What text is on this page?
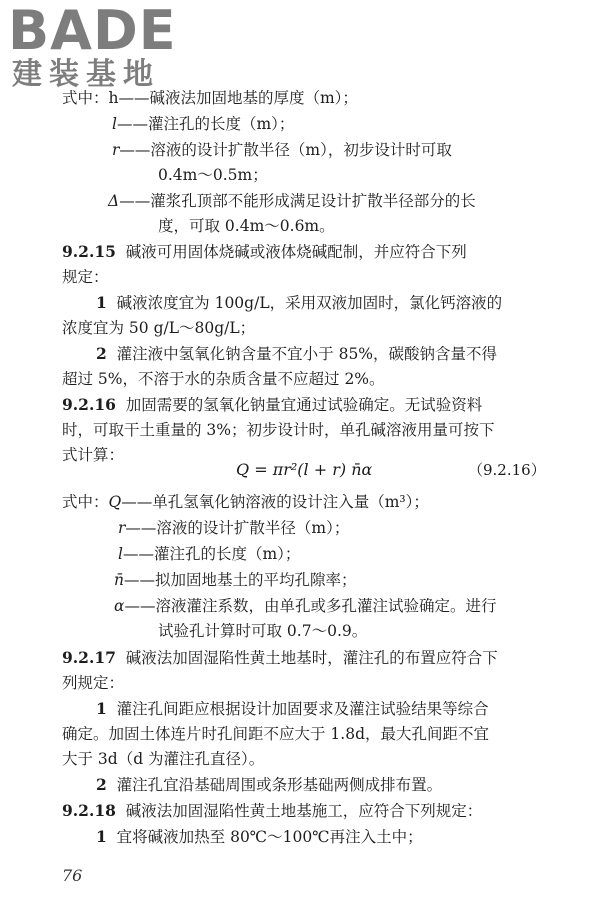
BADE
建装基地
式中：h——碱液法加固地基的厚度（m）；
l——灌注孔的长度（m）；
r——溶液的设计扩散半径（m），初步设计时可取
0.4m～0.5m；
Δ——灌浆孔顶部不能形成满足设计扩散半径部分的长
度，可取 0.4m～0.6m。
9.2.15 碱液可用固体烧碱或液体烧碱配制，并应符合下列
规定：
1 碱液浓度宜为 100g/L，采用双液加固时，氯化钙溶液的
浓度宜为 50 g/L～80g/L；
2 灌注液中氢氧化钠含量不宜小于 85%，碳酸钠含量不得
超过 5%，不溶于水的杂质含量不应超过 2%。
9.2.16 加固需要的氢氧化钠量宜通过试验确定。无试验资料
时，可取干土重量的 3%；初步设计时，单孔碱溶液用量可按下
式计算：
Q = πr²(l + r) n̄α	（9.2.16）
式中：Q——单孔氢氧化钠溶液的设计注入量（m³）；
r——溶液的设计扩散半径（m）；
l——灌注孔的长度（m）；
n̄——拟加固地基土的平均孔隙率；
α——溶液灌注系数，由单孔或多孔灌注试验确定。进行
试验孔计算时可取 0.7～0.9。
9.2.17 碱液法加固湿陷性黄土地基时，灌注孔的布置应符合下
列规定：
1 灌注孔间距应根据设计加固要求及灌注试验结果等综合
确定。加固土体连片时孔间距不应大于 1.8d，最大孔间距不宜
大于 3d（d 为灌注孔直径）。
2 灌注孔宜沿基础周围或条形基础两侧成排布置。
9.2.18 碱液法加固湿陷性黄土地基施工，应符合下列规定：
1 宜将碱液加热至 80℃～100℃再注入土中；
76
